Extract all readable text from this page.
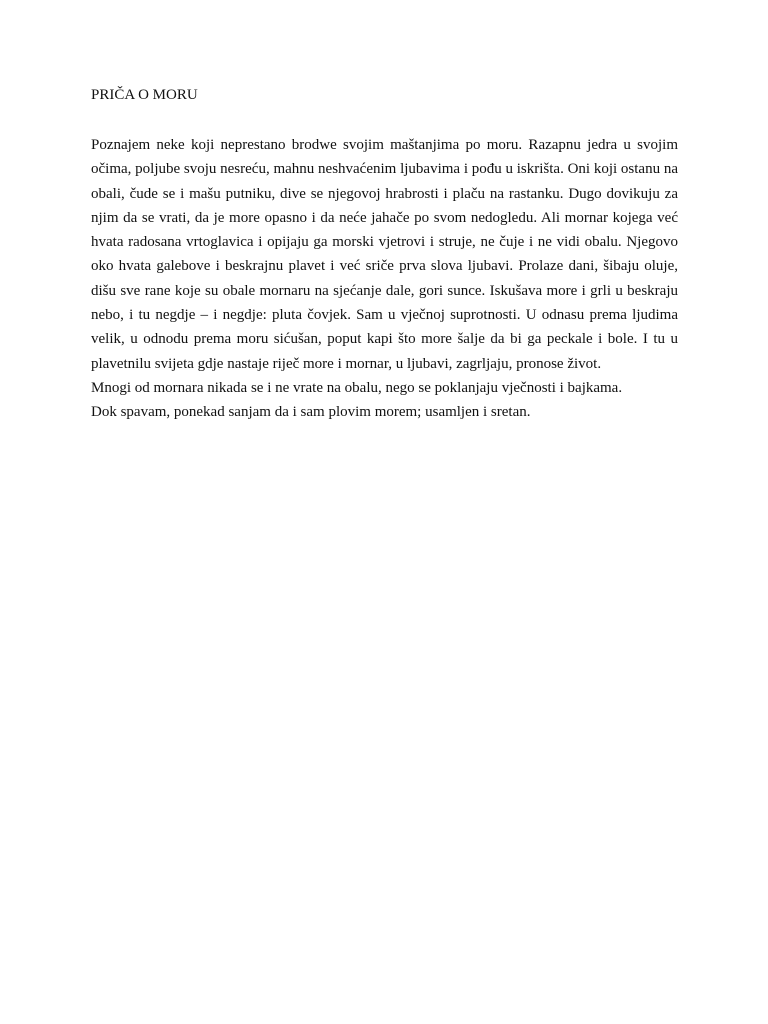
PRIČA O MORU

Poznajem neke koji neprestano brodwe svojim maštanjima po moru. Razapnu jedra u svojim očima, poljube svoju nesreću, mahnu neshvaćenim ljubavima i pođu u iskrišta. Oni koji ostanu na obali, čude se i mašu putniku, dive se njegovoj hrabrosti i plaču na rastanku. Dugo dovikuju za njim da se vrati, da je more opasno i da neće jahače po svom nedogledu. Ali mornar kojega već hvata radosana vrtoglavica i opijaju ga morski vjetrovi i struje, ne čuje i ne vidi obalu. Njegovo oko hvata galebove i beskrajnu plavet i već sriče prva slova ljubavi. Prolaze dani, šibaju oluje, dišu sve rane koje su obale mornaru na sjećanje dale, gori sunce. Iskušava more i grli u beskraju nebo, i tu negdje – i negdje: pluta čovjek. Sam u vječnoj suprotnosti. U odnasu prema ljudima velik, u odnodu prema moru sićušan, poput kapi što more šalje da bi ga peckale i bole. I tu u plavetnilu svijeta gdje nastaje riječ more i mornar, u ljubavi, zagrljaju, pronose život.

Mnogi od mornara nikada se i ne vrate na obalu, nego se poklanjaju vječnosti i bajkama.

Dok spavam, ponekad sanjam da i sam plovim morem; usamljen i sretan.
